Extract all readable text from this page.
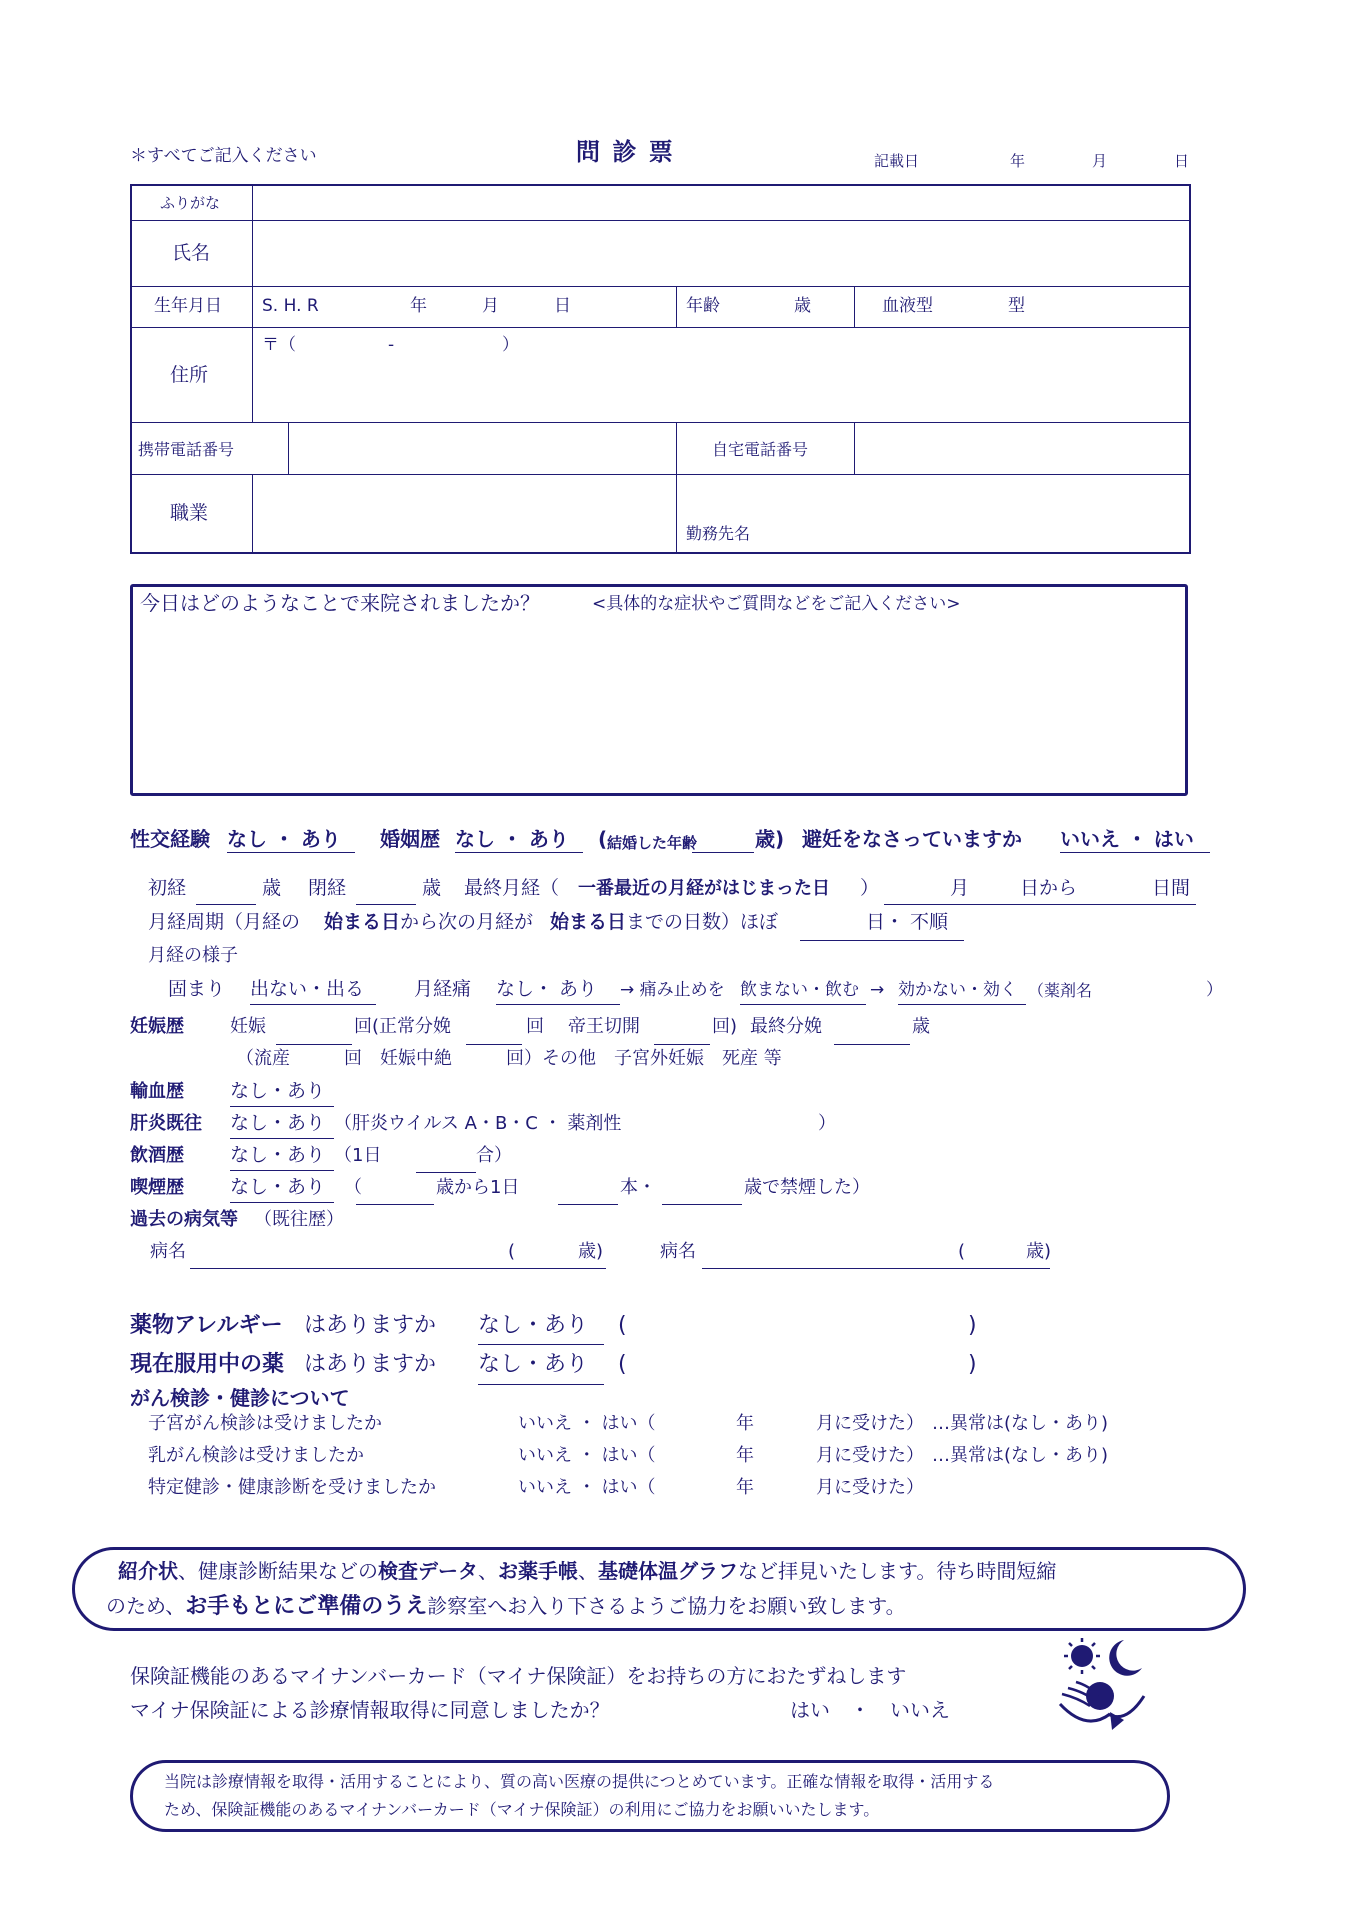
＊すべてご記入ください	問 診 票	記載日	年	月	日
ふりがな
氏名
生年月日 S. H. R	年	月	日	年齢	歳	血液型	型
住所
〒（	-	）
携帯電話番号	自宅電話番号
職業
勤務先名
今日はどのようなことで来院されましたか？	<具体的な症状やご質問などをご記入ください>
性交経験 なし ・ あり 婚姻歴 なし ・ あり ( 結婚した年齢	歳) 避妊をなさっていますか いいえ ・ はい
初経	歳 閉経	歳 最終月経（ 一番最近の月経がはじまった日 ）	月	日から	日間
月経周期（月経の 始まる日 から次の月経が 始まる日 までの日数）ほぼ	日・ 不順
月経の様子
固まり 出ない・出る	月経痛 なし・ あり → 痛み止めを 飲まない・飲む → 効かない・効く （薬剤名	）
妊娠歴	妊娠	回(正常分娩	回 帝王切開	回) 最終分娩	歳
（流産　　　回　妊娠中絶　　　回）その他　子宮外妊娠　死産 等
輸血歴 なし・あり
肝炎既往 なし・あり （肝炎ウイルス A・B・C ・ 薬剤性	）
飲酒歴 なし・あり （1日	合）
喫煙歴 なし・あり （	歳から1日	本・	歳で禁煙した）
過去の病気等 （既往歴）
病名	(	歳)	病名	(	歳)
薬物アレルギー はありますか なし・あり (	)
現在服用中の薬 はありますか なし・あり (	)
がん検診・健診について
子宮がん検診は受けましたか	いいえ ・ はい（	年	月に受けた） …異常は(なし・あり)
乳がん検診は受けましたか	いいえ ・ はい（	年	月に受けた） …異常は(なし・あり)
特定健診・健康診断を受けましたか	いいえ ・ はい（	年	月に受けた）
紹介状、健康診断結果などの検査データ、お薬手帳、基礎体温グラフなど拝見いたします。待ち時間短縮
のため、お手もとにご準備のうえ診察室へお入り下さるようご協力をお願い致します。
保険証機能のあるマイナンバーカード（マイナ保険証）をお持ちの方におたずねします
マイナ保険証による診療情報取得に同意しましたか？	はい　・　いいえ
当院は診療情報を取得・活用することにより、質の高い医療の提供につとめています。正確な情報を取得・活用する
ため、保険証機能のあるマイナンバーカード（マイナ保険証）の利用にご協力をお願いいたします。
